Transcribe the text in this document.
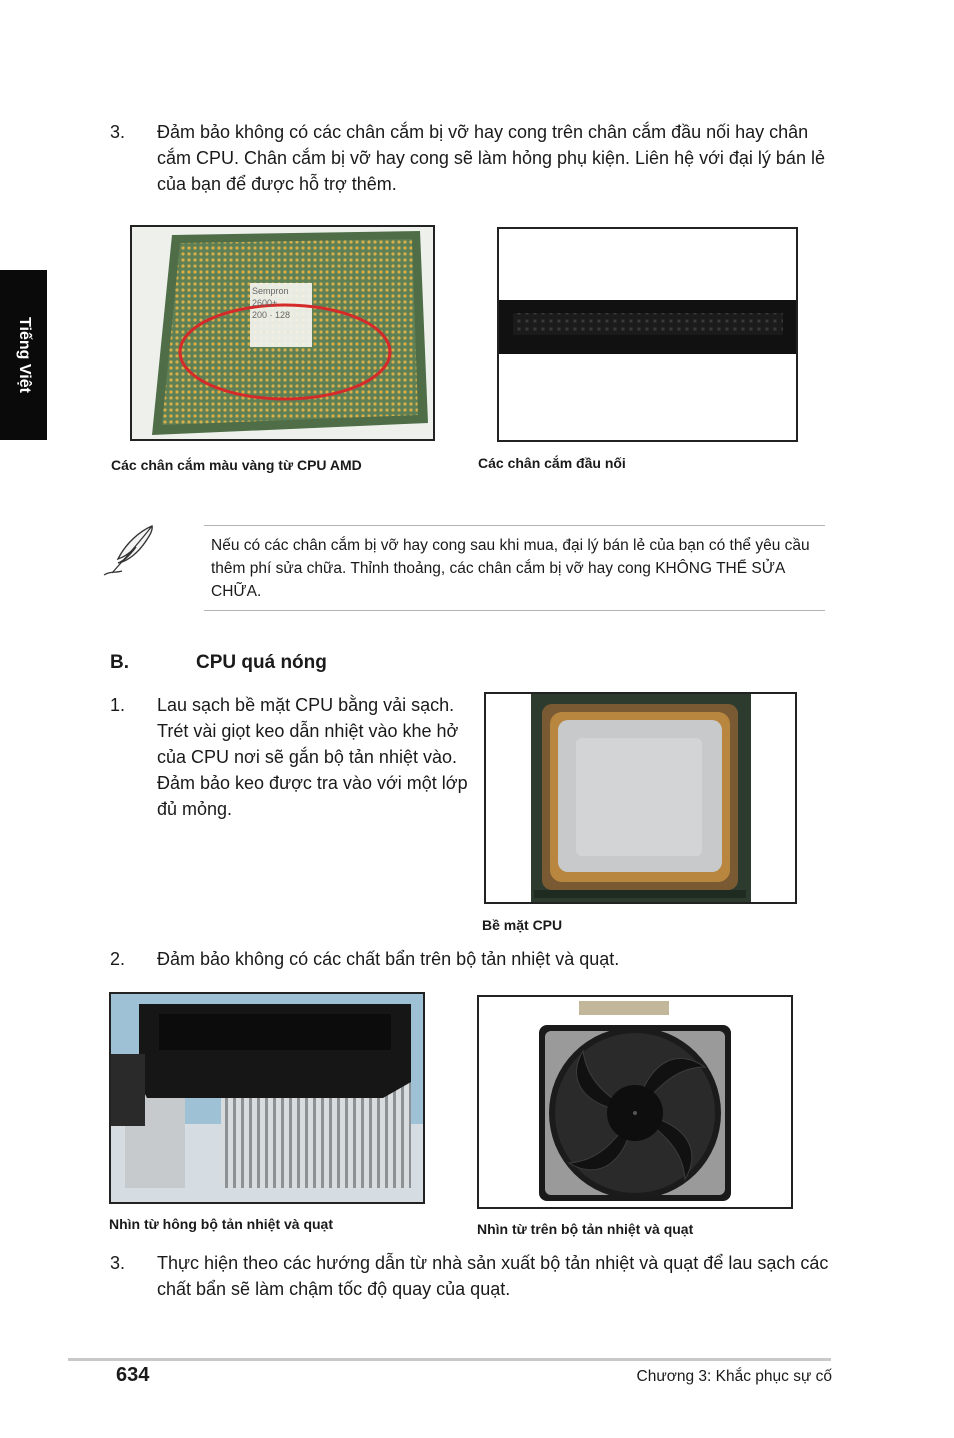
Tiếng Việt
3.	Đảm bảo không có các chân cắm bị vỡ hay cong trên chân cắm đầu nối hay chân cắm CPU. Chân cắm bị vỡ hay cong sẽ làm hỏng phụ kiện. Liên hệ với đại lý bán lẻ của bạn để được hỗ trợ thêm.
Sempron
2600+
200 · 128
Các chân cắm màu vàng từ CPU AMD	Các chân cắm đầu nối
Nếu có các chân cắm bị vỡ hay cong sau khi mua, đại lý bán lẻ của bạn có thể yêu cầu thêm phí sửa chữa. Thỉnh thoảng, các chân cắm bị vỡ hay cong KHÔNG THỂ SỬA CHỮA.
B.	CPU quá nóng
1.	Lau sạch bề mặt CPU bằng vải sạch. Trét vài giọt keo dẫn nhiệt vào khe hở của CPU nơi sẽ gắn bộ tản nhiệt vào. Đảm bảo keo được tra vào với một lớp đủ mỏng.
Bề mặt CPU
2.	Đảm bảo không có các chất bẩn trên bộ tản nhiệt và quạt.
Nhìn từ hông bộ tản nhiệt và quạt	Nhìn từ trên bộ tản nhiệt và quạt
3.	Thực hiện theo các hướng dẫn từ nhà sản xuất bộ tản nhiệt và quạt để lau sạch các chất bẩn sẽ làm chậm tốc độ quay của quạt.
634	Chương 3: Khắc phục sự cố
